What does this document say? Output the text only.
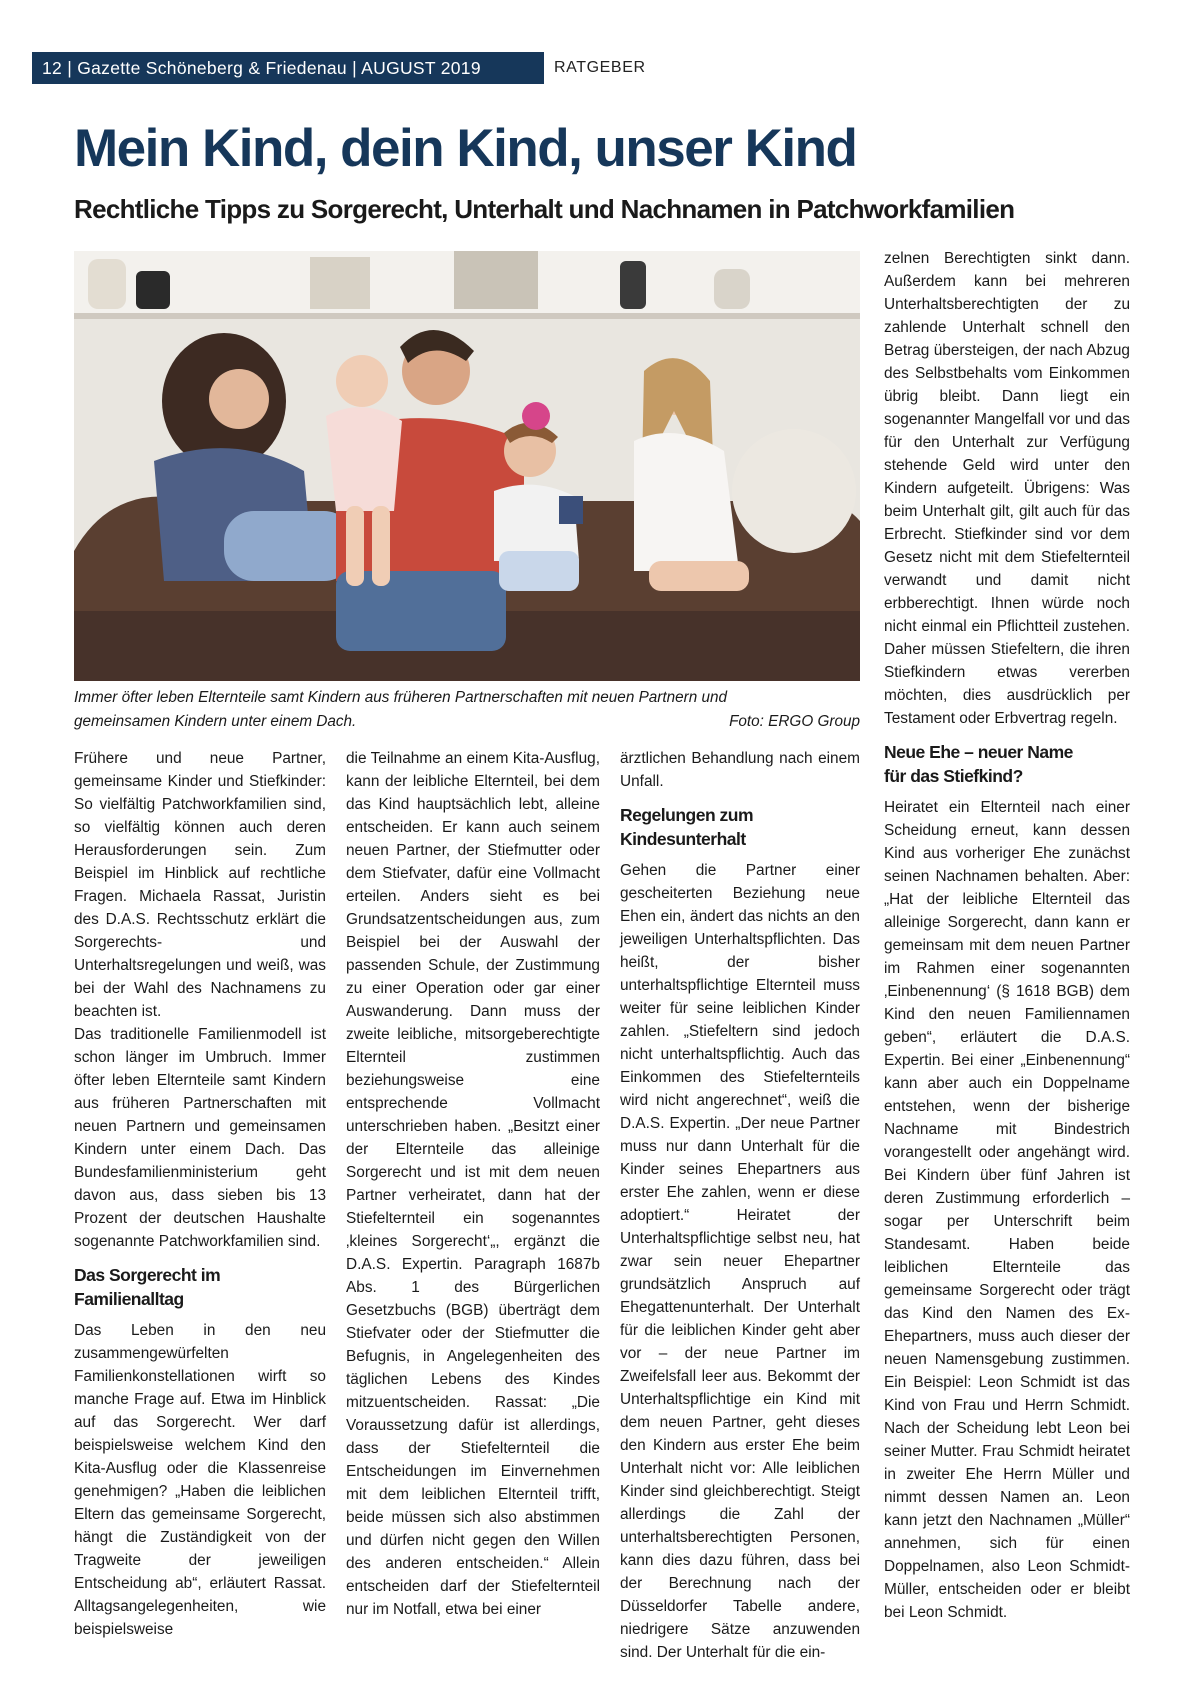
12 | Gazette Schöneberg & Friedenau | AUGUST 2019	RATGEBER
Mein Kind, dein Kind, unser Kind
Rechtliche Tipps zu Sorgerecht, Unterhalt und Nachnamen in Patchworkfamilien
Immer öfter leben Elternteile samt Kindern aus früheren Partnerschaften mit neuen Partnern und
gemeinsamen Kindern unter einem Dach.	Foto: ERGO Group

Frühere und neue Partner, gemeinsame Kinder und Stiefkinder: So vielfältig Patchworkfamilien sind, so vielfältig können auch deren Herausforderungen sein. Zum Beispiel im Hinblick auf rechtliche Fragen. Michaela Rassat, Juristin des D.A.S. Rechtsschutz erklärt die Sorgerechts- und Unterhaltsregelungen und weiß, was bei der Wahl des Nachnamens zu beachten ist.

Das traditionelle Familienmodell ist schon länger im Umbruch. Immer öfter leben Elternteile samt Kindern aus früheren Partnerschaften mit neuen Partnern und gemeinsamen Kindern unter einem Dach. Das Bundesfamilienministerium geht davon aus, dass sieben bis 13 Prozent der deutschen Haushalte sogenannte Patchworkfamilien sind.

Das Sorgerecht im Familienalltag

Das Leben in den neu zusammengewürfelten Familienkonstellationen wirft so manche Frage auf. Etwa im Hinblick auf das Sorgerecht. Wer darf beispielsweise welchem Kind den Kita-Ausflug oder die Klassenreise genehmigen? „Haben die leiblichen Eltern das gemeinsame Sorgerecht, hängt die Zuständigkeit von der Tragweite der jeweiligen Entscheidung ab“, erläutert Rassat. Alltagsangelegenheiten, wie beispielsweise

die Teilnahme an einem Kita-Ausflug, kann der leibliche Elternteil, bei dem das Kind hauptsächlich lebt, alleine entscheiden. Er kann auch seinem neuen Partner, der Stiefmutter oder dem Stiefvater, dafür eine Vollmacht erteilen. Anders sieht es bei Grundsatzentscheidungen aus, zum Beispiel bei der Auswahl der passenden Schule, der Zustimmung zu einer Operation oder gar einer Auswanderung. Dann muss der zweite leibliche, mitsorgeberechtigte Elternteil zustimmen beziehungsweise eine entsprechende Vollmacht unterschrieben haben. „Besitzt einer der Elternteile das alleinige Sorgerecht und ist mit dem neuen Partner verheiratet, dann hat der Stiefelternteil ein sogenanntes ‚kleines Sorgerecht‘„, ergänzt die D.A.S. Expertin. Paragraph 1687b Abs. 1 des Bürgerlichen Gesetzbuchs (BGB) überträgt dem Stiefvater oder der Stiefmutter die Befugnis, in Angelegenheiten des täglichen Lebens des Kindes mitzuentscheiden. Rassat: „Die Voraussetzung dafür ist allerdings, dass der Stiefelternteil die Entscheidungen im Einvernehmen mit dem leiblichen Elternteil trifft, beide müssen sich also abstimmen und dürfen nicht gegen den Willen des anderen entscheiden.“ Allein entscheiden darf der Stiefelternteil nur im Notfall, etwa bei einer

ärztlichen Behandlung nach einem Unfall.

Regelungen zum Kindesunterhalt

Gehen die Partner einer gescheiterten Beziehung neue Ehen ein, ändert das nichts an den jeweiligen Unterhaltspflichten. Das heißt, der bisher unterhaltspflichtige Elternteil muss weiter für seine leiblichen Kinder zahlen. „Stiefeltern sind jedoch nicht unterhaltspflichtig. Auch das Einkommen des Stiefelternteils wird nicht angerechnet“, weiß die D.A.S. Expertin. „Der neue Partner muss nur dann Unterhalt für die Kinder seines Ehepartners aus erster Ehe zahlen, wenn er diese adoptiert.“ Heiratet der Unterhaltspflichtige selbst neu, hat zwar sein neuer Ehepartner grundsätzlich Anspruch auf Ehegattenunterhalt. Der Unterhalt für die leiblichen Kinder geht aber vor – der neue Partner im Zweifelsfall leer aus. Bekommt der Unterhaltspflichtige ein Kind mit dem neuen Partner, geht dieses den Kindern aus erster Ehe beim Unterhalt nicht vor: Alle leiblichen Kinder sind gleichberechtigt. Steigt allerdings die Zahl der unterhaltsberechtigten Personen, kann dies dazu führen, dass bei der Berechnung nach der Düsseldorfer Tabelle andere, niedrigere Sätze anzuwenden sind. Der Unterhalt für die ein-

zelnen Berechtigten sinkt dann. Außerdem kann bei mehreren Unterhaltsberechtigten der zu zahlende Unterhalt schnell den Betrag übersteigen, der nach Abzug des Selbstbehalts vom Einkommen übrig bleibt. Dann liegt ein sogenannter Mangelfall vor und das für den Unterhalt zur Verfügung stehende Geld wird unter den Kindern aufgeteilt. Übrigens: Was beim Unterhalt gilt, gilt auch für das Erbrecht. Stiefkinder sind vor dem Gesetz nicht mit dem Stiefelternteil verwandt und damit nicht erbberechtigt. Ihnen würde noch nicht einmal ein Pflichtteil zustehen. Daher müssen Stiefeltern, die ihren Stiefkindern etwas vererben möchten, dies ausdrücklich per Testament oder Erbvertrag regeln.

Neue Ehe – neuer Name
für das Stiefkind?

Heiratet ein Elternteil nach einer Scheidung erneut, kann dessen Kind aus vorheriger Ehe zunächst seinen Nachnamen behalten. Aber: „Hat der leibliche Elternteil das alleinige Sorgerecht, dann kann er gemeinsam mit dem neuen Partner im Rahmen einer sogenannten ‚Einbenennung‘ (§ 1618 BGB) dem Kind den neuen Familiennamen geben“, erläutert die D.A.S. Expertin. Bei einer „Einbenennung“ kann aber auch ein Doppelname entstehen, wenn der bisherige Nachname mit Bindestrich vorangestellt oder angehängt wird. Bei Kindern über fünf Jahren ist deren Zustimmung erforderlich – sogar per Unterschrift beim Standesamt. Haben beide leiblichen Elternteile das gemeinsame Sorgerecht oder trägt das Kind den Namen des Ex-Ehepartners, muss auch dieser der neuen Namensgebung zustimmen. Ein Beispiel: Leon Schmidt ist das Kind von Frau und Herrn Schmidt. Nach der Scheidung lebt Leon bei seiner Mutter. Frau Schmidt heiratet in zweiter Ehe Herrn Müller und nimmt dessen Namen an. Leon kann jetzt den Nachnamen „Müller“ annehmen, sich für einen Doppelnamen, also Leon Schmidt-Müller, entscheiden oder er bleibt bei Leon Schmidt.
